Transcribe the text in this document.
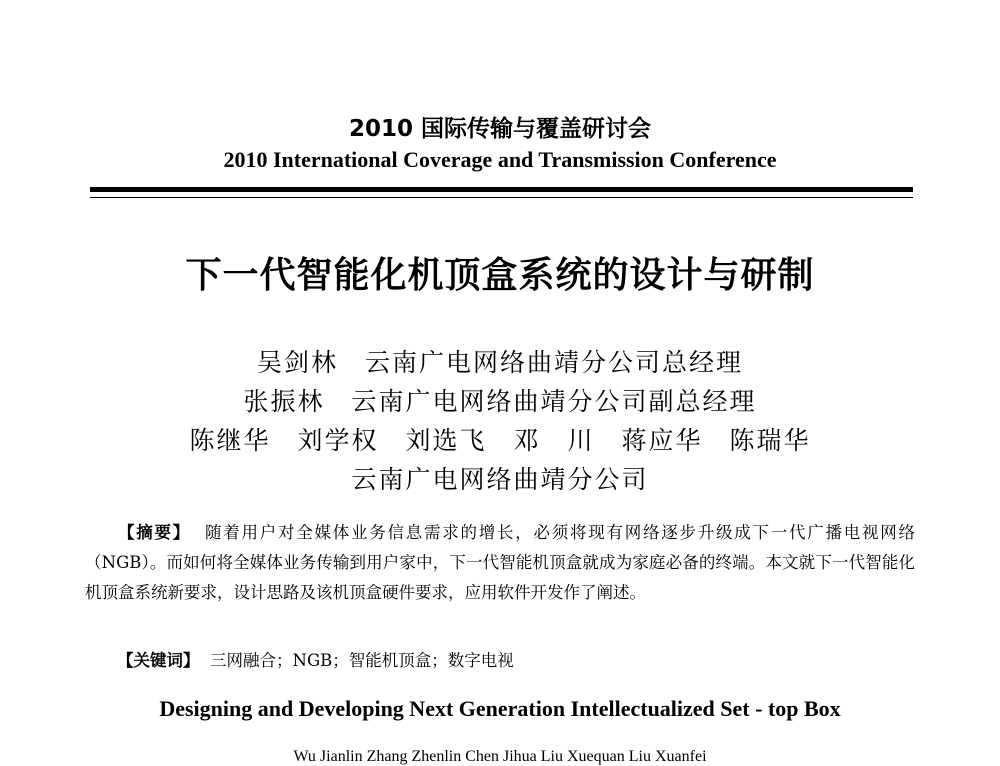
2010 国际传输与覆盖研讨会
2010 International Coverage and Transmission Conference
下一代智能化机顶盒系统的设计与研制
吴剑林　云南广电网络曲靖分公司总经理
张振林　云南广电网络曲靖分公司副总经理
陈继华　刘学权　刘选飞　邓　川　蒋应华　陈瑞华
云南广电网络曲靖分公司

【摘要】 随着用户对全媒体业务信息需求的增长，必须将现有网络逐步升级成下一代广播电视网络（NGB）。而如何将全媒体业务传输到用户家中，下一代智能机顶盒就成为家庭必备的终端。本文就下一代智能化机顶盒系统新要求，设计思路及该机顶盒硬件要求，应用软件开发作了阐述。

【关键词】 三网融合；NGB；智能机顶盒；数字电视
Designing and Developing Next Generation Intellectualized Set - top Box
Wu Jianlin Zhang Zhenlin Chen Jihua Liu Xuequan Liu Xuanfei
